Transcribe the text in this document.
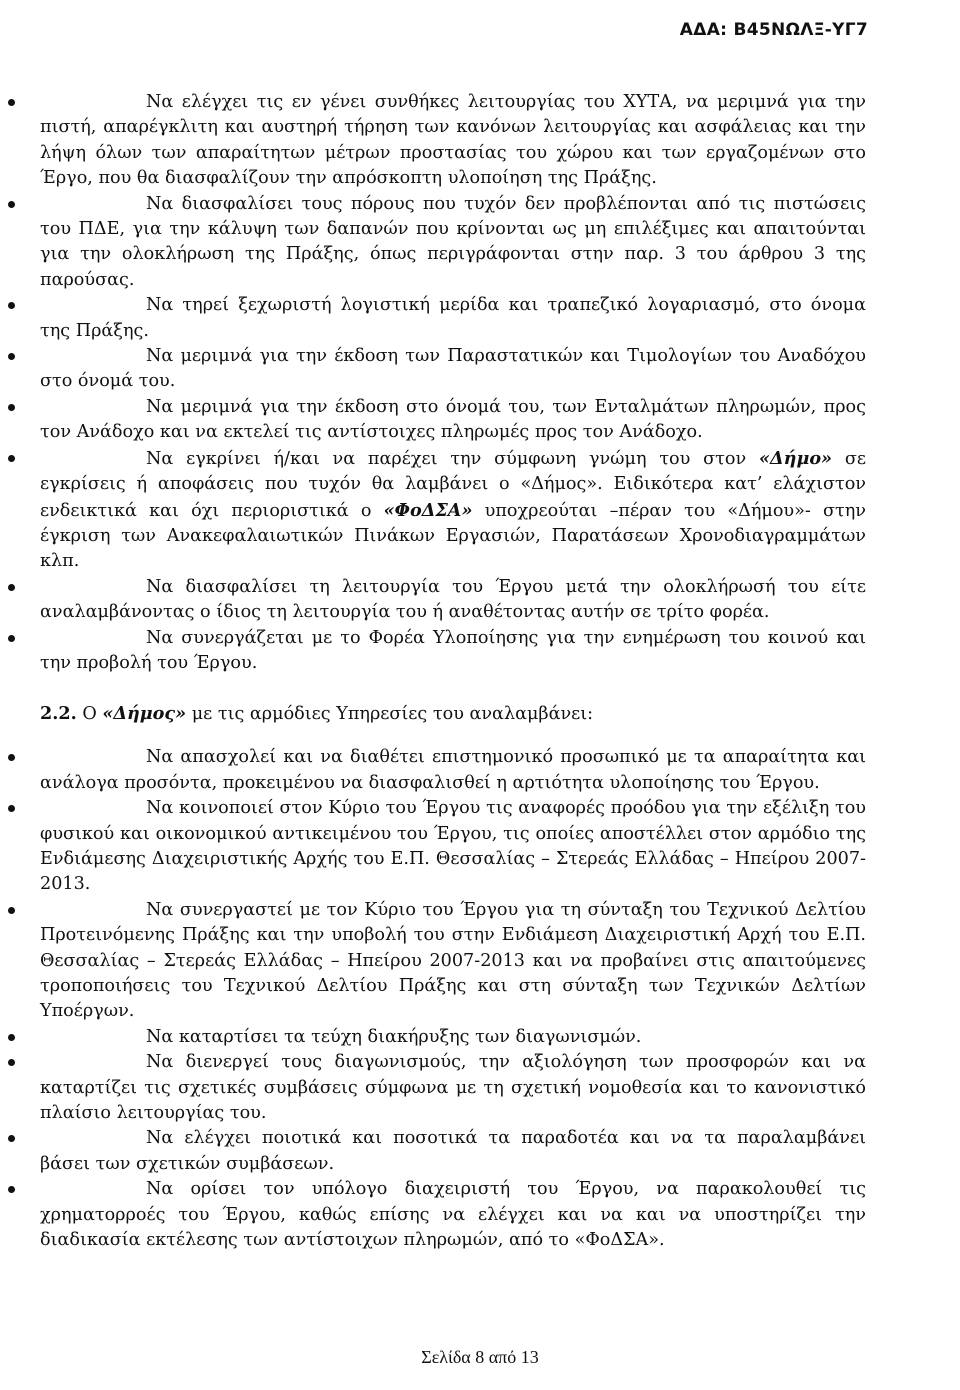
ΑΔΑ: Β45ΝΩΛΞ-ΥΓ7

Να ελέγχει τις εν γένει συνθήκες λειτουργίας του ΧΥΤΑ, να μεριμνά για την πιστή, απαρέγκλιτη και αυστηρή τήρηση των κανόνων λειτουργίας και ασφάλειας και την λήψη όλων των απαραίτητων μέτρων προστασίας του χώρου και των εργαζομένων στο Έργο, που θα διασφαλίζουν την απρόσκοπτη υλοποίηση της Πράξης.

Να διασφαλίσει τους πόρους που τυχόν δεν προβλέπονται από τις πιστώσεις του ΠΔΕ, για την κάλυψη των δαπανών που κρίνονται ως μη επιλέξιμες και απαιτούνται για την ολοκλήρωση της Πράξης, όπως περιγράφονται στην παρ. 3 του άρθρου 3 της παρούσας.

Να τηρεί ξεχωριστή λογιστική μερίδα και τραπεζικό λογαριασμό, στο όνομα της Πράξης.

Να μεριμνά για την έκδοση των Παραστατικών και Τιμολογίων του Αναδόχου στο όνομά του.

Να μεριμνά για την έκδοση στο όνομά του, των Ενταλμάτων πληρωμών, προς τον Ανάδοχο και να εκτελεί τις αντίστοιχες πληρωμές προς τον Ανάδοχο.

Να εγκρίνει ή/και να παρέχει την σύμφωνη γνώμη του στον «Δήμο» σε εγκρίσεις ή αποφάσεις που τυχόν θα λαμβάνει ο «Δήμος». Ειδικότερα κατ’ ελάχιστον ενδεικτικά και όχι περιοριστικά ο «ΦοΔΣΑ» υποχρεούται –πέραν του «Δήμου»- στην έγκριση των Ανακεφαλαιωτικών Πινάκων Εργασιών, Παρατάσεων Χρονοδιαγραμμάτων κλπ.

Να διασφαλίσει τη λειτουργία του Έργου μετά την ολοκλήρωσή του είτε αναλαμβάνοντας ο ίδιος τη λειτουργία του ή αναθέτοντας αυτήν σε τρίτο φορέα.

Να συνεργάζεται με το Φορέα Υλοποίησης για την ενημέρωση του κοινού και την προβολή του Έργου.

2.2. Ο «Δήμος» με τις αρμόδιες Υπηρεσίες του αναλαμβάνει:

Να απασχολεί και να διαθέτει επιστημονικό προσωπικό με τα απαραίτητα και ανάλογα προσόντα, προκειμένου να διασφαλισθεί η αρτιότητα υλοποίησης του Έργου.

Να κοινοποιεί στον Κύριο του Έργου τις αναφορές προόδου για την εξέλιξη του φυσικού και οικονομικού αντικειμένου του Έργου, τις οποίες αποστέλλει στον αρμόδιο της Ενδιάμεσης Διαχειριστικής Αρχής του Ε.Π. Θεσσαλίας – Στερεάς Ελλάδας – Ηπείρου 2007-2013.

Να συνεργαστεί με τον Κύριο του Έργου για τη σύνταξη του Τεχνικού Δελτίου Προτεινόμενης Πράξης και την υποβολή του στην Ενδιάμεση Διαχειριστική Αρχή του Ε.Π. Θεσσαλίας – Στερεάς Ελλάδας – Ηπείρου 2007-2013 και να προβαίνει στις απαιτούμενες τροποποιήσεις του Τεχνικού Δελτίου Πράξης και στη σύνταξη των Τεχνικών Δελτίων Υποέργων.

Να καταρτίσει τα τεύχη διακήρυξης των διαγωνισμών.

Να διενεργεί τους διαγωνισμούς, την αξιολόγηση των προσφορών και να καταρτίζει τις σχετικές συμβάσεις σύμφωνα με τη σχετική νομοθεσία και το κανονιστικό πλαίσιο λειτουργίας του.

Να ελέγχει ποιοτικά και ποσοτικά τα παραδοτέα και να τα παραλαμβάνει βάσει των σχετικών συμβάσεων.

Να ορίσει τον υπόλογο διαχειριστή του Έργου, να παρακολουθεί τις χρηματορροές του Έργου, καθώς επίσης να ελέγχει και να και να υποστηρίζει την διαδικασία εκτέλεσης των αντίστοιχων πληρωμών, από το «ΦοΔΣΑ».

Σελίδα 8 από 13
